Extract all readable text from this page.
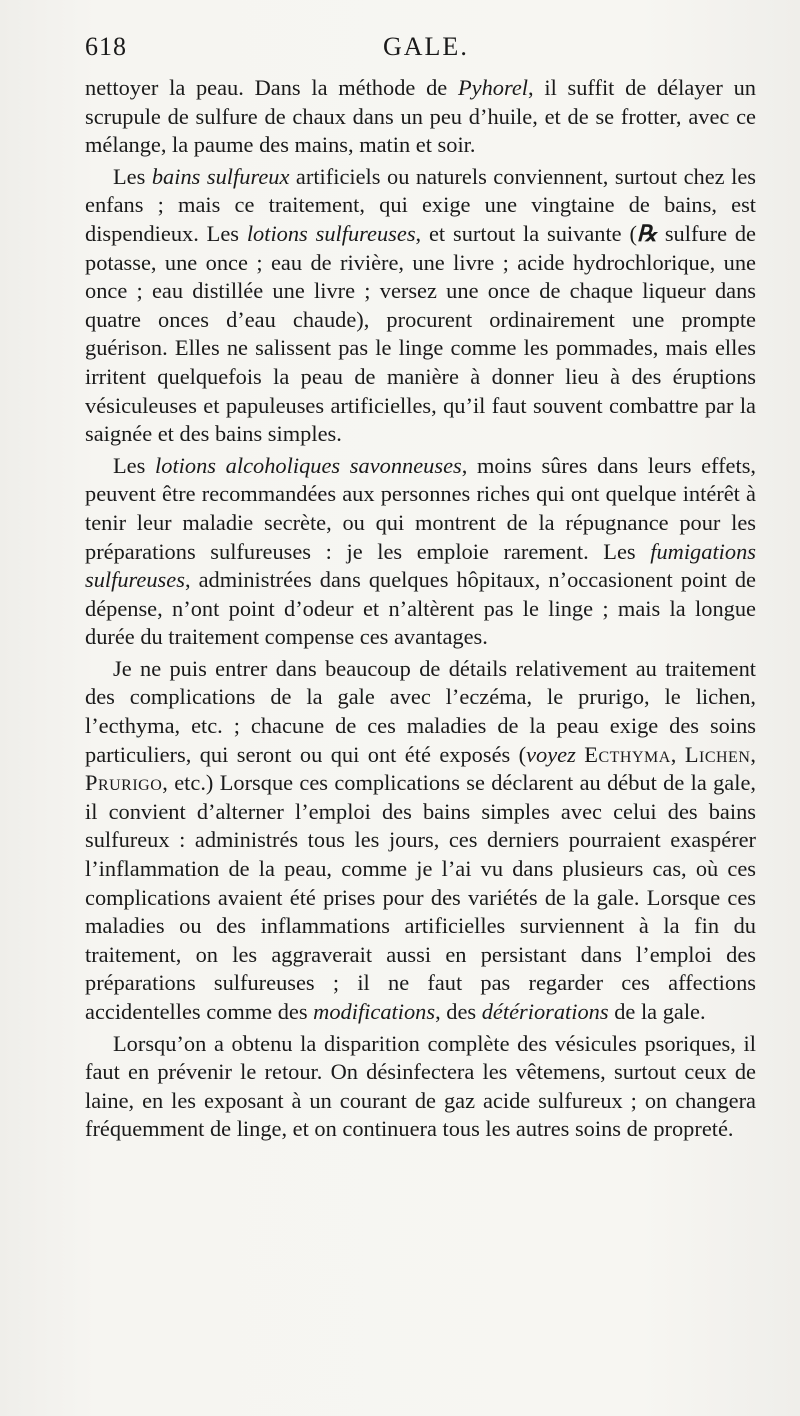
618	GALE.

nettoyer la peau. Dans la méthode de Pyhorel, il suffit de délayer un scrupule de sulfure de chaux dans un peu d’huile, et de se frotter, avec ce mélange, la paume des mains, matin et soir.

Les bains sulfureux artificiels ou naturels conviennent, surtout chez les enfans ; mais ce traitement, qui exige une vingtaine de bains, est dispendieux. Les lotions sulfureuses, et surtout la suivante (℞ sulfure de potasse, une once ; eau de rivière, une livre ; acide hydrochlorique, une once ; eau distillée une livre ; versez une once de chaque liqueur dans quatre onces d’eau chaude), procurent ordinairement une prompte guérison. Elles ne salissent pas le linge comme les pommades, mais elles irritent quelquefois la peau de manière à donner lieu à des éruptions vésiculeuses et papuleuses artificielles, qu’il faut souvent combattre par la saignée et des bains simples.

Les lotions alcoholiques savonneuses, moins sûres dans leurs effets, peuvent être recommandées aux personnes riches qui ont quelque intérêt à tenir leur maladie secrète, ou qui montrent de la répugnance pour les préparations sulfureuses : je les emploie rarement. Les fumigations sulfureuses, administrées dans quelques hôpitaux, n’occasionent point de dépense, n’ont point d’odeur et n’altèrent pas le linge ; mais la longue durée du traitement compense ces avantages.

Je ne puis entrer dans beaucoup de détails relativement au traitement des complications de la gale avec l’eczéma, le prurigo, le lichen, l’ecthyma, etc. ; chacune de ces maladies de la peau exige des soins particuliers, qui seront ou qui ont été exposés (voyez Ecthyma, Lichen, Prurigo, etc.) Lorsque ces complications se déclarent au début de la gale, il convient d’alterner l’emploi des bains simples avec celui des bains sulfureux : administrés tous les jours, ces derniers pourraient exaspérer l’inflammation de la peau, comme je l’ai vu dans plusieurs cas, où ces complications avaient été prises pour des variétés de la gale. Lorsque ces maladies ou des inflammations artificielles surviennent à la fin du traitement, on les aggraverait aussi en persistant dans l’emploi des préparations sulfureuses ; il ne faut pas regarder ces affections accidentelles comme des modifications, des détériorations de la gale.

Lorsqu’on a obtenu la disparition complète des vésicules psoriques, il faut en prévenir le retour. On désinfectera les vêtemens, surtout ceux de laine, en les exposant à un courant de gaz acide sulfureux ; on changera fréquemment de linge, et on continuera tous les autres soins de propreté.
